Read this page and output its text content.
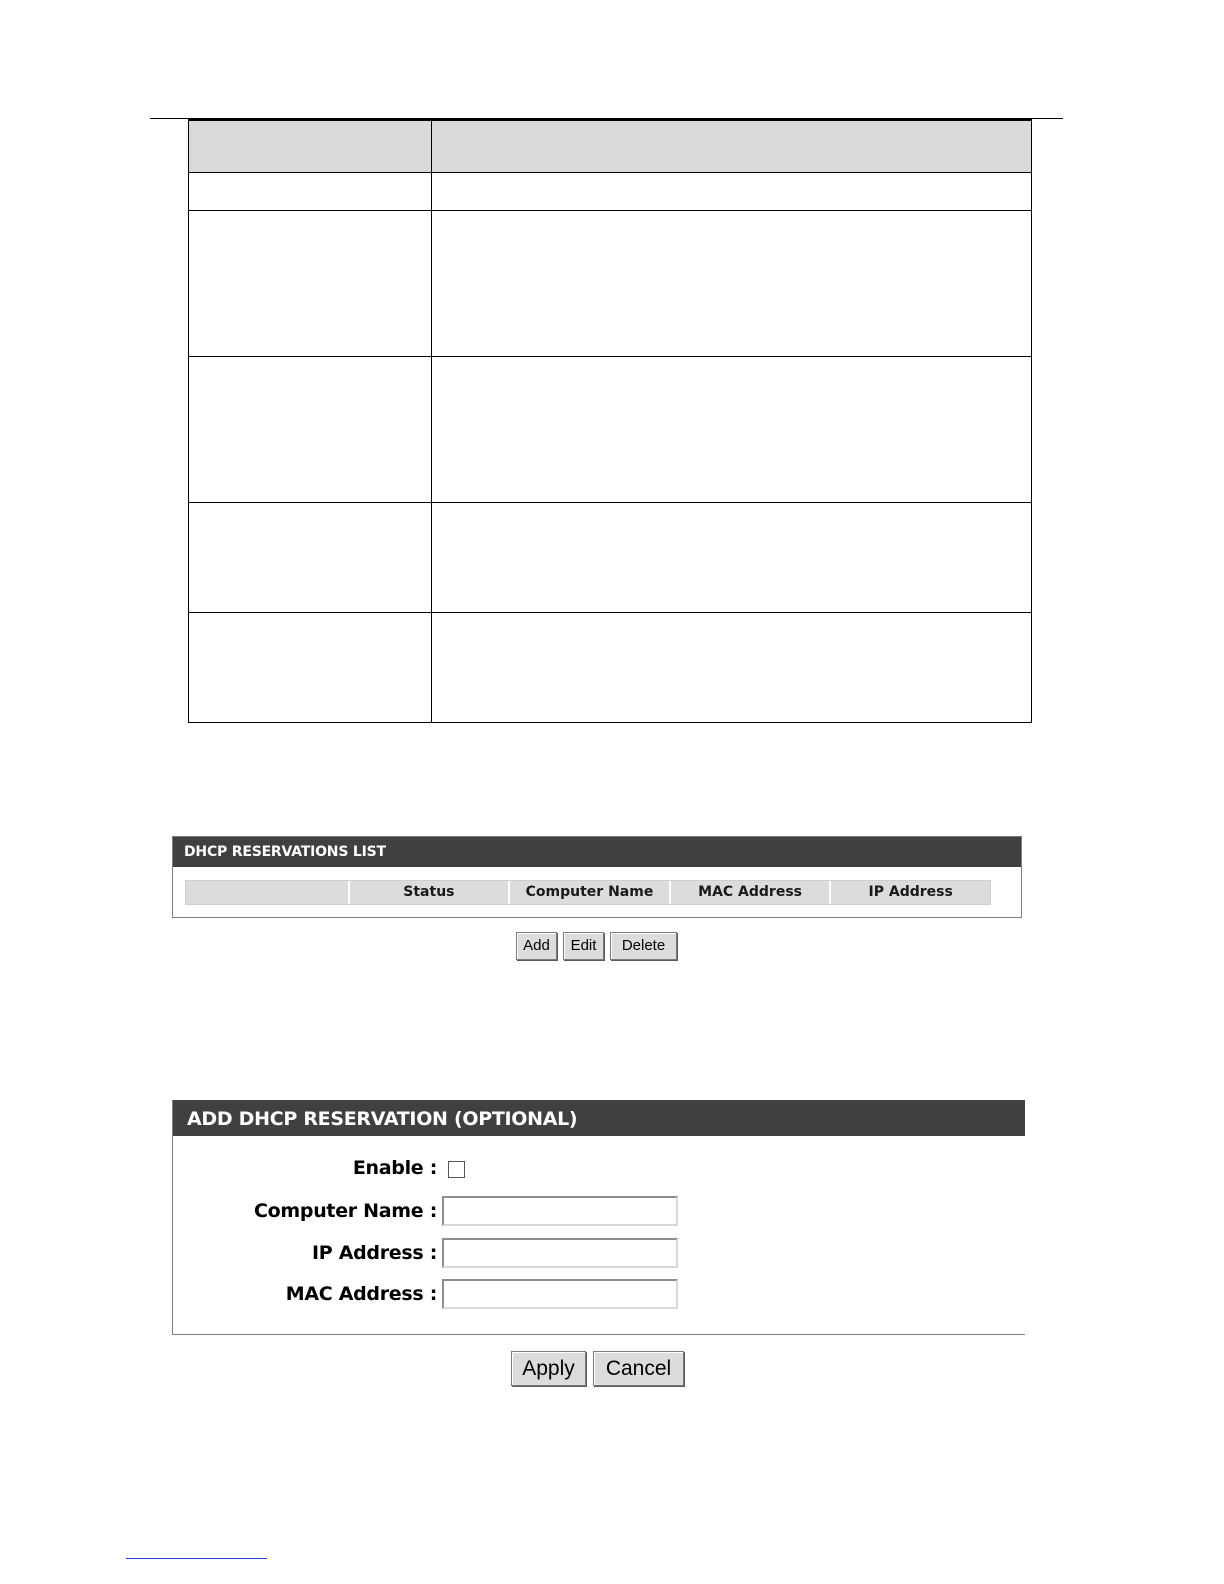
DHCP RESERVATIONS LIST
Status	Computer Name	MAC Address	IP Address
Add	Edit	Delete
ADD DHCP RESERVATION (OPTIONAL)
Enable :
Computer Name :
IP Address :
MAC Address :
Apply	Cancel
